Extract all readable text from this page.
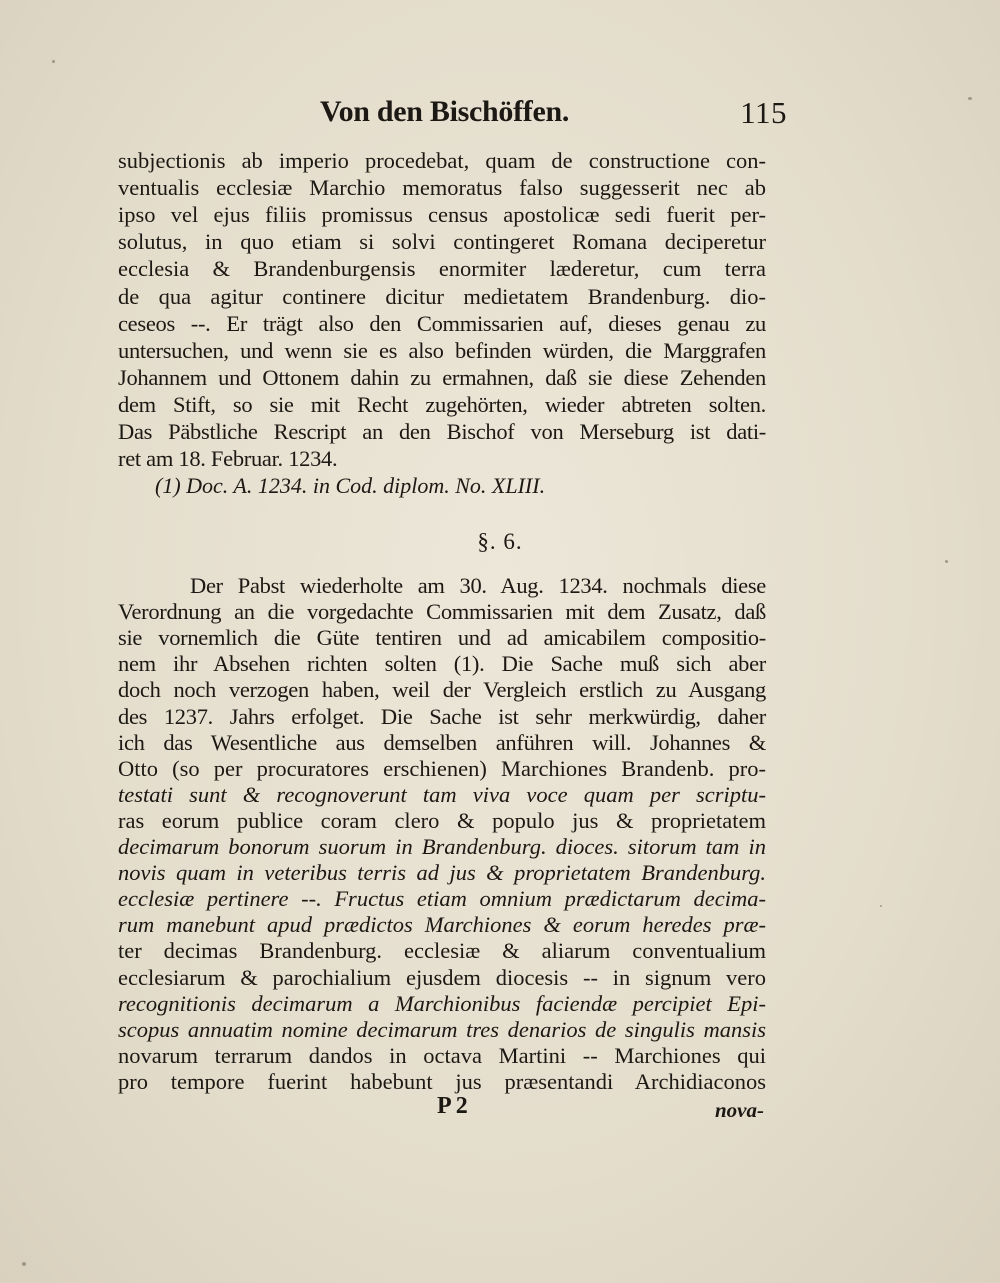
Von den Bischöffen.	115
subjectionis ab imperio procedebat, quam de constructione con-
ventualis ecclesiæ Marchio memoratus falso suggesserit nec ab
ipso vel ejus filiis promissus census apostolicæ sedi fuerit per-
solutus, in quo etiam si solvi contingeret Romana deciperetur
ecclesia & Brandenburgensis enormiter læderetur, cum terra
de qua agitur continere dicitur medietatem Brandenburg. dio-
ceseos --. Er trägt also den Commissarien auf, dieses genau zu
untersuchen, und wenn sie es also befinden würden, die Marggrafen
Johannem und Ottonem dahin zu ermahnen, daß sie diese Zehenden
dem Stift, so sie mit Recht zugehörten, wieder abtreten solten.
Das Päbstliche Rescript an den Bischof von Merseburg ist dati-
ret am 18. Februar. 1234.
(1) Doc. A. 1234. in Cod. diplom. No. XLIII.
§. 6.
Der Pabst wiederholte am 30. Aug. 1234. nochmals diese
Verordnung an die vorgedachte Commissarien mit dem Zusatz, daß
sie vornemlich die Güte tentiren und ad amicabilem compositio-
nem ihr Absehen richten solten (1). Die Sache muß sich aber
doch noch verzogen haben, weil der Vergleich erstlich zu Ausgang
des 1237. Jahrs erfolget. Die Sache ist sehr merkwürdig, daher
ich das Wesentliche aus demselben anführen will. Johannes &
Otto (so per procuratores erschienen) Marchiones Brandenb. pro-
testati sunt & recognoverunt tam viva voce quam per scriptu-
ras eorum publice coram clero & populo jus & proprietatem
decimarum bonorum suorum in Brandenburg. dioces. sitorum tam in
novis quam in veteribus terris ad jus & proprietatem Brandenburg.
ecclesiæ pertinere --. Fructus etiam omnium prædictarum decima-
rum manebunt apud prædictos Marchiones & eorum heredes præ-
ter decimas Brandenburg. ecclesiæ & aliarum conventualium
ecclesiarum & parochialium ejusdem diocesis -- in signum vero
recognitionis decimarum a Marchionibus faciendæ percipiet Epi-
scopus annuatim nomine decimarum tres denarios de singulis mansis
novarum terrarum dandos in octava Martini -- Marchiones qui
pro tempore fuerint habebunt jus præsentandi Archidiaconos
P 2	nova-
